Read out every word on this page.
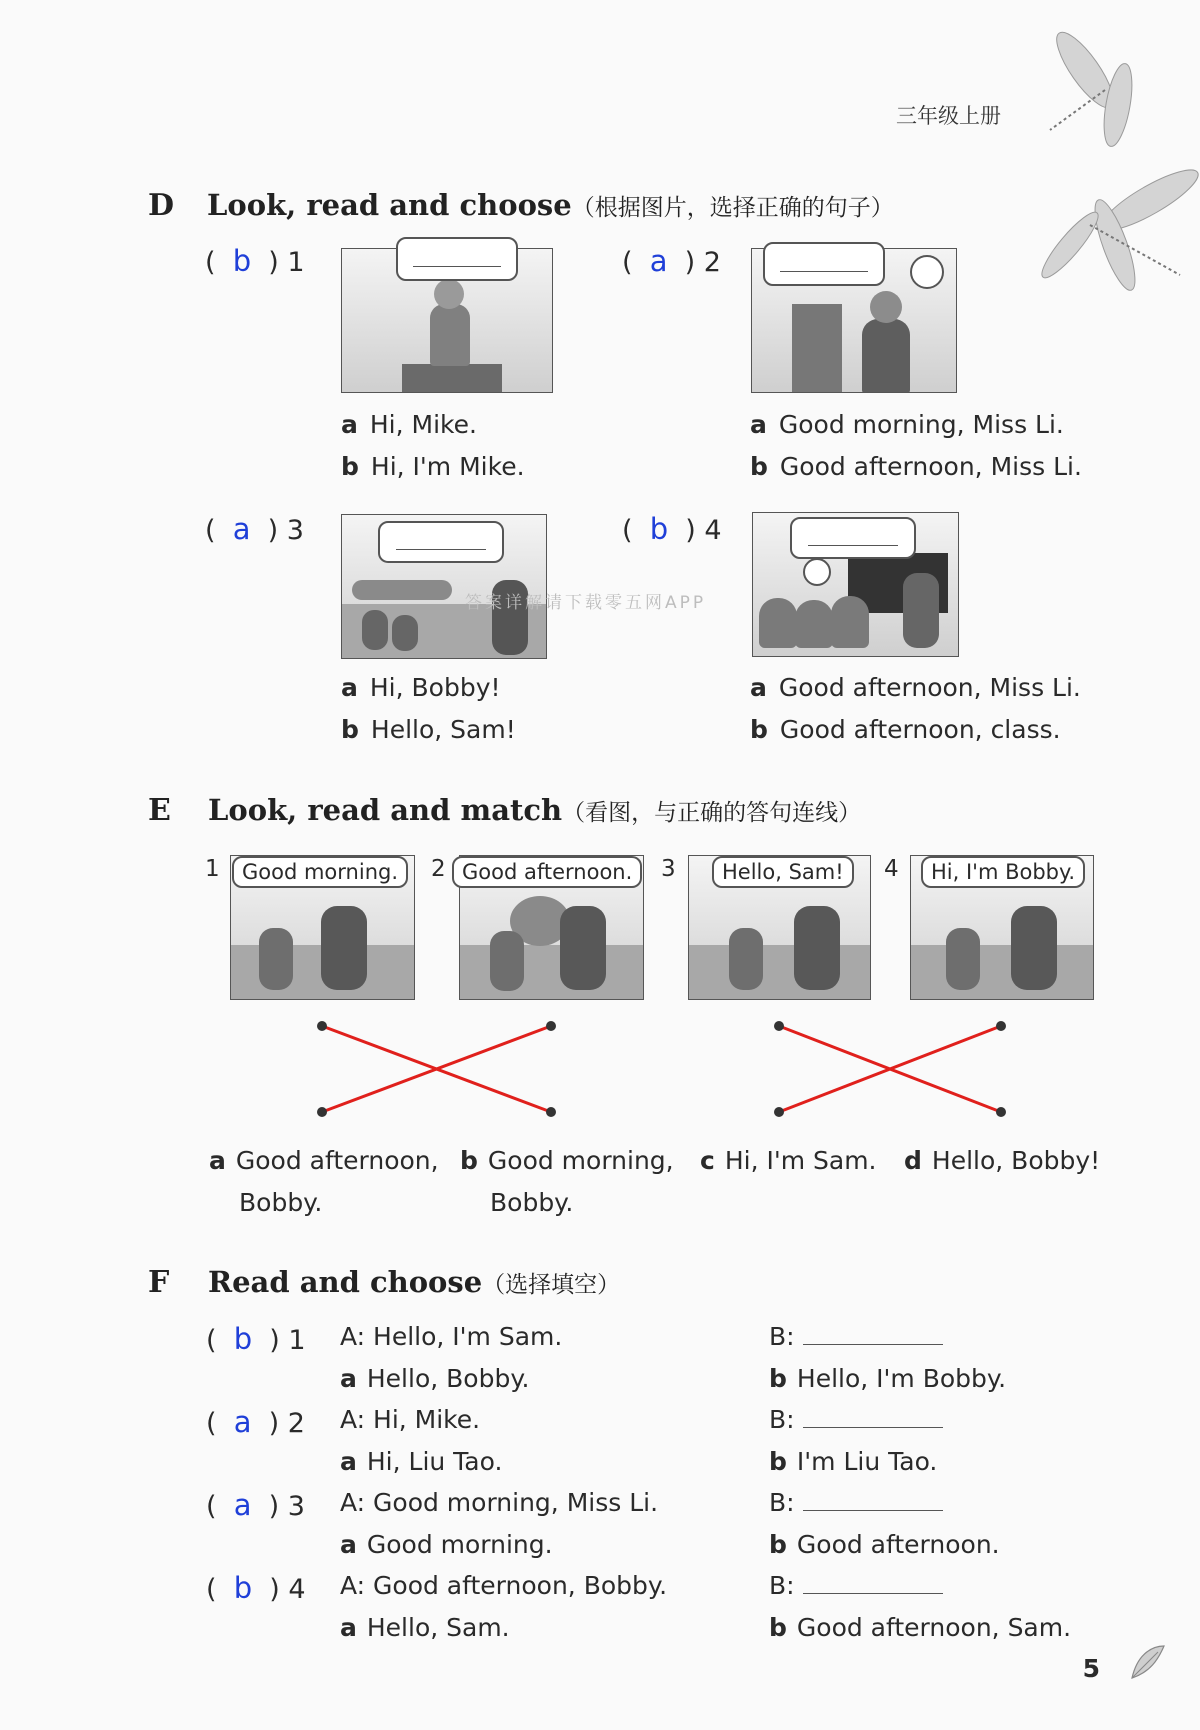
三年级上册
D Look, read and choose（根据图片，选择正确的句子）
(  b  ) 1
a Hi, Mike.
b Hi, I'm Mike.
(  a  ) 2
a Good morning, Miss Li.
b Good afternoon, Miss Li.
(  a  ) 3
a Hi, Bobby!
b Hello, Sam!
(  b  ) 4
a Good afternoon, Miss Li.
b Good afternoon, class.
答案详解请下载零五网APP
E Look, read and match（看图，与正确的答句连线）
1	Good morning.	2 Good afternoon.	3	Hello, Sam!	4	Hi, I'm Bobby.
a Good afternoon,
Bobby.
b Good morning,
Bobby.
c Hi, I'm Sam. d Hello, Bobby!
F Read and choose（选择填空）
(  b  ) 1 A: Hello, I'm Sam.	B:
a Hello, Bobby.	b Hello, I'm Bobby.
(  a  ) 2 A: Hi, Mike.	B:
a Hi, Liu Tao.	b I'm Liu Tao.
(  a  ) 3 A: Good morning, Miss Li.	B:
a Good morning.	b Good afternoon.
(  b  ) 4 A: Good afternoon, Bobby.	B:
a Hello, Sam.	b Good afternoon, Sam.
5
